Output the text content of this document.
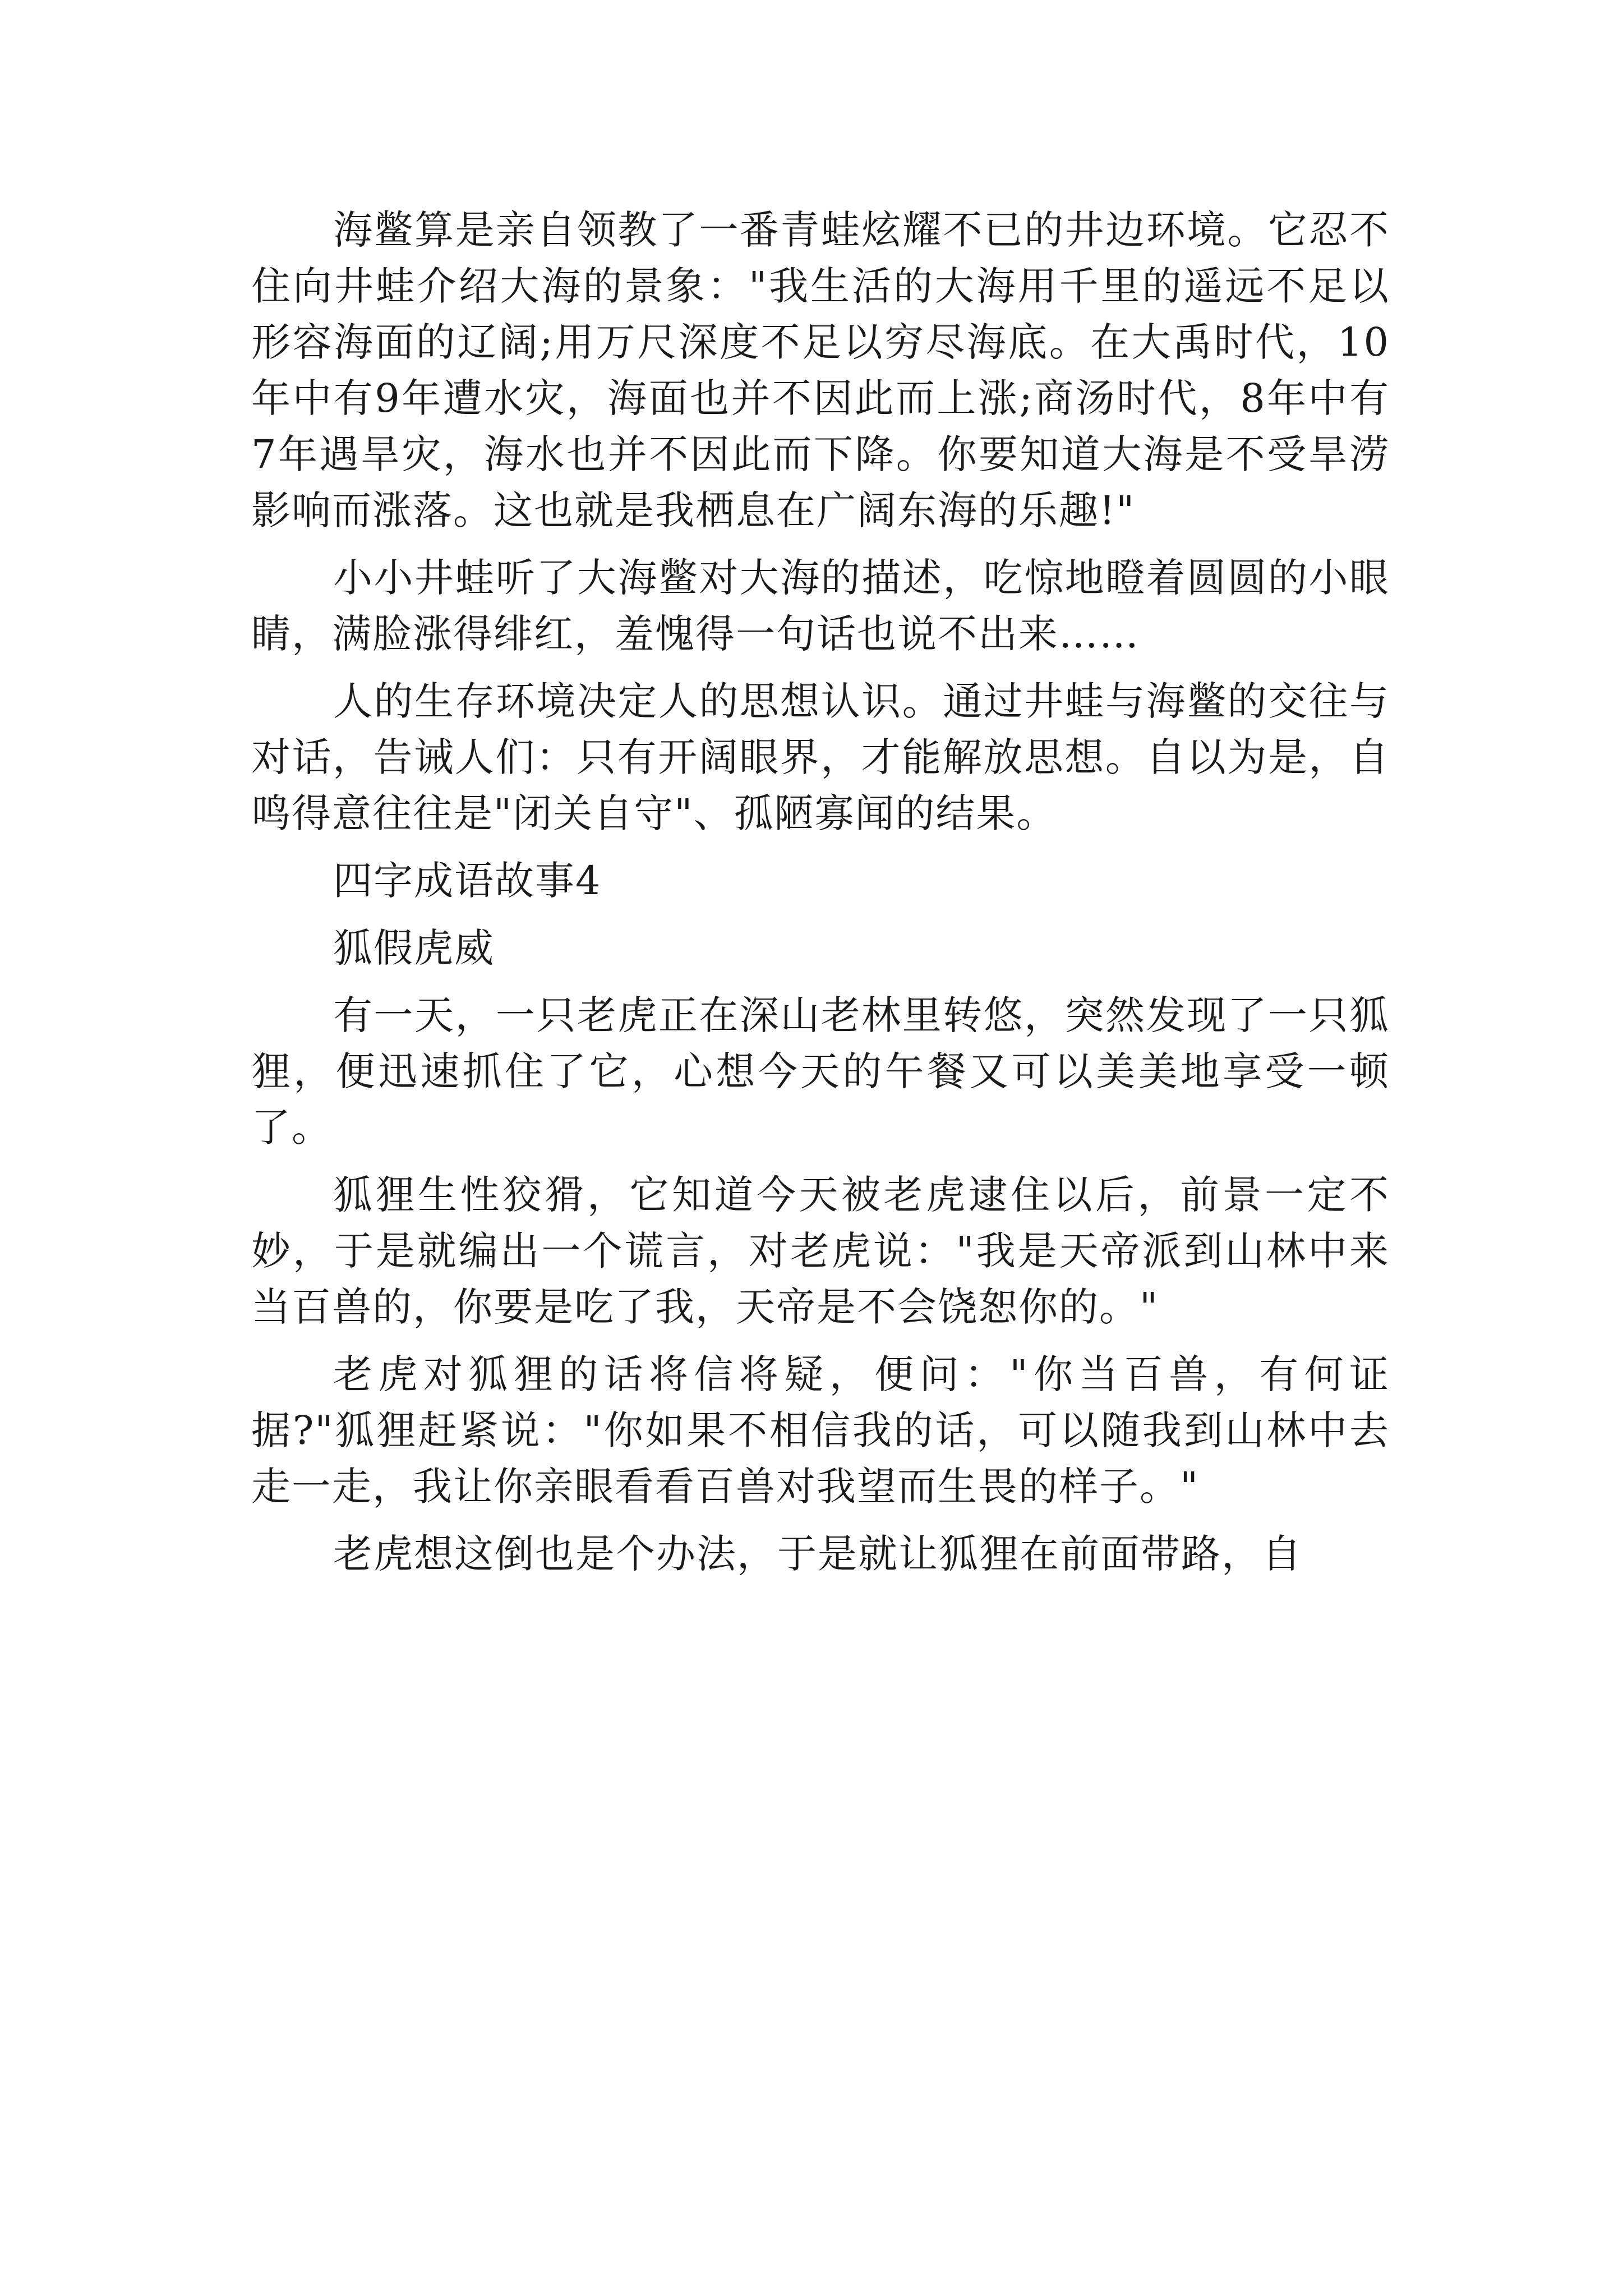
海鳖算是亲自领教了一番青蛙炫耀不已的井边环境。它忍不住向井蛙介绍大海的景象："我生活的大海用千里的遥远不足以形容海面的辽阔;用万尺深度不足以穷尽海底。在大禹时代，10年中有9年遭水灾，海面也并不因此而上涨;商汤时代，8年中有7年遇旱灾，海水也并不因此而下降。你要知道大海是不受旱涝影响而涨落。这也就是我栖息在广阔东海的乐趣!"

小小井蛙听了大海鳖对大海的描述，吃惊地瞪着圆圆的小眼睛，满脸涨得绯红，羞愧得一句话也说不出来……

人的生存环境决定人的思想认识。通过井蛙与海鳖的交往与对话，告诫人们：只有开阔眼界，才能解放思想。自以为是，自鸣得意往往是"闭关自守"、孤陋寡闻的结果。

四字成语故事4

狐假虎威

有一天，一只老虎正在深山老林里转悠，突然发现了一只狐狸，便迅速抓住了它，心想今天的午餐又可以美美地享受一顿了。

狐狸生性狡猾，它知道今天被老虎逮住以后，前景一定不妙，于是就编出一个谎言，对老虎说："我是天帝派到山林中来当百兽的，你要是吃了我，天帝是不会饶恕你的。"

老虎对狐狸的话将信将疑，便问："你当百兽，有何证据?"狐狸赶紧说："你如果不相信我的话，可以随我到山林中去走一走，我让你亲眼看看百兽对我望而生畏的样子。"

老虎想这倒也是个办法，于是就让狐狸在前面带路，自
